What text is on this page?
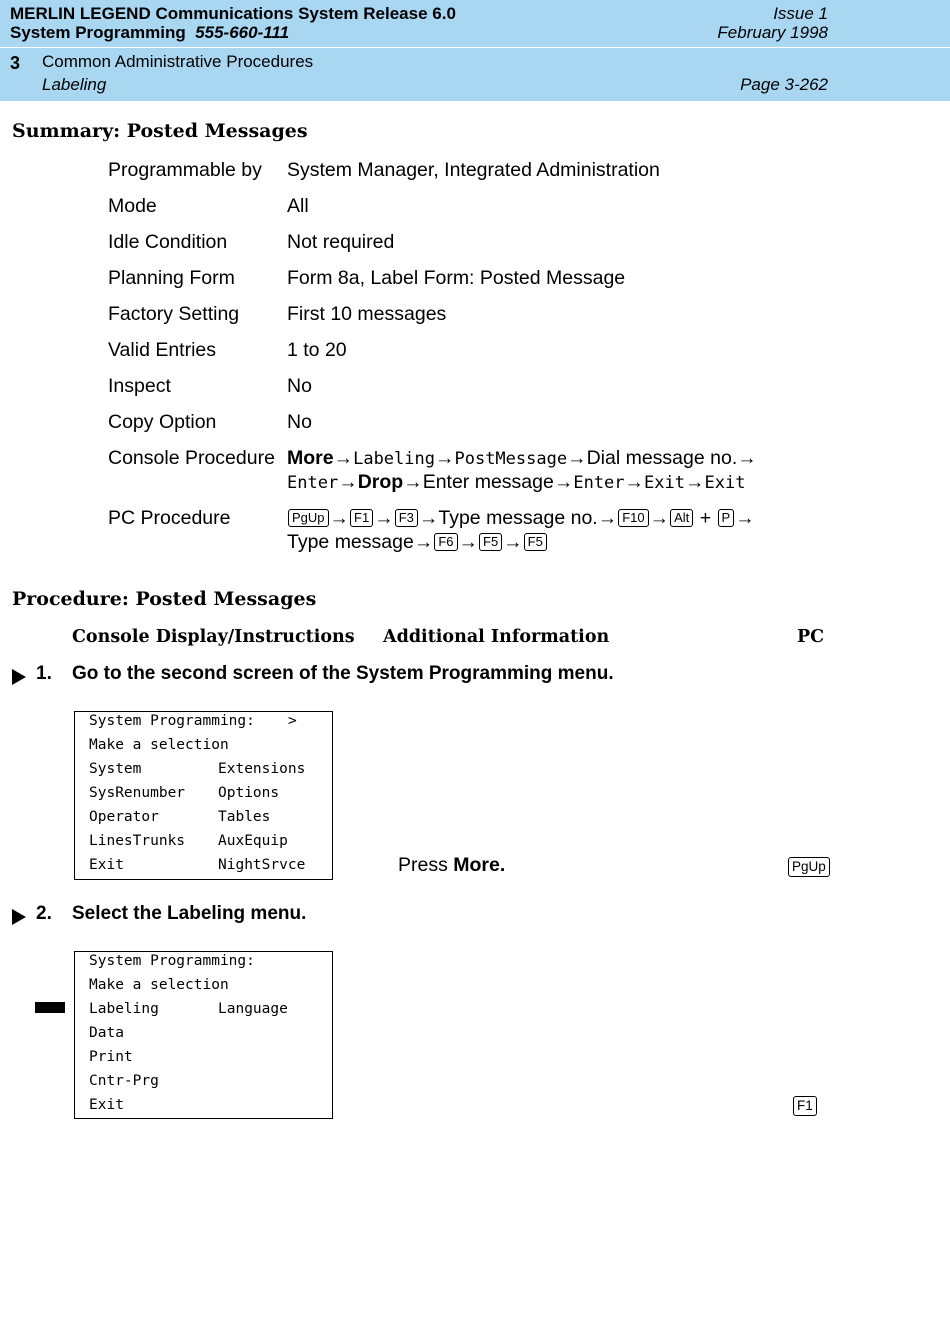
MERLIN LEGEND Communications System Release 6.0
System Programming 555-660-111
Issue 1
February 1998
3 Common Administrative Procedures
Labeling	Page 3-262
Summary: Posted Messages
Programmable by System Manager, Integrated Administration
Mode	All
Idle Condition	Not required
Planning Form	Form 8a, Label Form: Posted Message
Factory Setting First 10 messages
Valid Entries	1 to 20
Inspect	No
Copy Option	No
Console Procedure More→Labeling→PostMessage→Dial message no.→
Enter→Drop→Enter message→Enter→Exit→Exit
PC Procedure	PgUp → F1 → F3 →Type message no.→ F10 → Alt + P →
Type message→ F6 → F5 → F5
Procedure: Posted Messages
Console Display/Instructions Additional Information	PC
1. Go to the second screen of the System Programming menu.
System Programming: >
Make a selection
System	Extensions
SysRenumber Options
Operator	Tables
LinesTrunks AuxEquip
Exit	NightSrvce	Press More.	PgUp
2. Select the Labeling menu.
System Programming:
Make a selection
Labeling	Language
Data
Print
Cntr-Prg
Exit	F1
